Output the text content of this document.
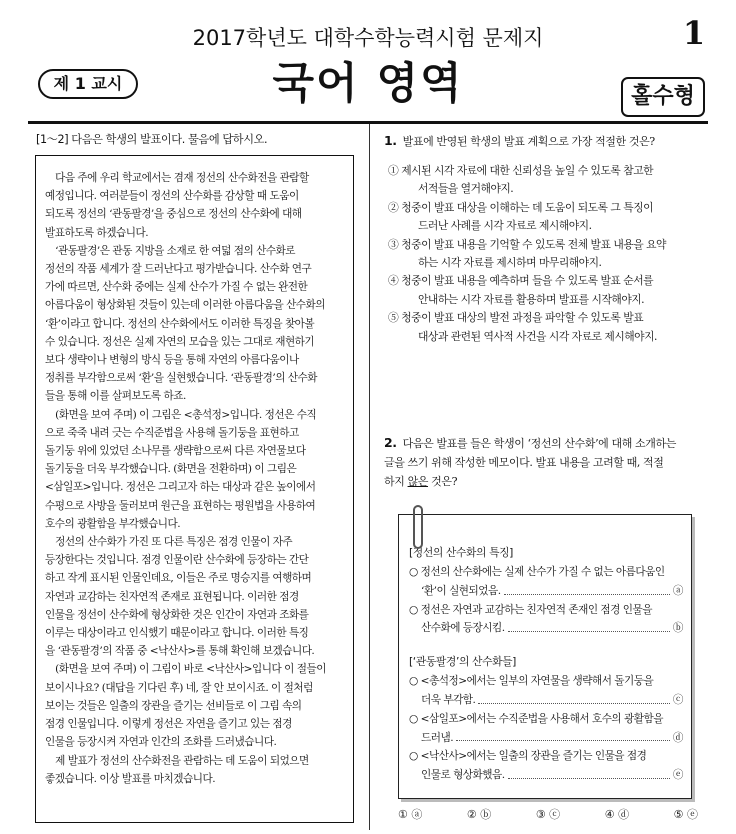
2017학년도 대학수학능력시험 문제지	1
제 1 교시	국어 영역	홀수형
[1～2] 다음은 학생의 발표이다. 물음에 답하시오.

　다음 주에 우리 학교에서는 겸재 정선의 산수화전을 관람할

예정입니다. 여러분들이 정선의 산수화를 감상할 때 도움이

되도록 정선의 ‘관동팔경’을 중심으로 정선의 산수화에 대해

발표하도록 하겠습니다.

　‘관동팔경’은 관동 지방을 소재로 한 여덟 점의 산수화로

정선의 작품 세계가 잘 드러난다고 평가받습니다. 산수화 연구

가에 따르면, 산수화 중에는 실제 산수가 가질 수 없는 완전한

아름다움이 형상화된 것들이 있는데 이러한 아름다움을 산수화의

‘환’이라고 합니다. 정선의 산수화에서도 이러한 특징을 찾아볼

수 있습니다. 정선은 실제 자연의 모습을 있는 그대로 재현하기

보다 생략이나 변형의 방식 등을 통해 자연의 아름다움이나

정취를 부각함으로써 ‘환’을 실현했습니다. ‘관동팔경’의 산수화

들을 통해 이를 살펴보도록 하죠.

　(화면을 보여 주며) 이 그림은 <총석정>입니다. 정선은 수직

으로 죽죽 내려 긋는 수직준법을 사용해 돌기둥을 표현하고

돌기둥 위에 있었던 소나무를 생략함으로써 다른 자연물보다

돌기둥을 더욱 부각했습니다. (화면을 전환하며) 이 그림은

<삼일포>입니다. 정선은 그리고자 하는 대상과 같은 높이에서

수평으로 사방을 둘러보며 원근을 표현하는 평원법을 사용하여

호수의 광활함을 부각했습니다.

　정선의 산수화가 가진 또 다른 특징은 점경 인물이 자주

등장한다는 것입니다. 점경 인물이란 산수화에 등장하는 간단

하고 작게 표시된 인물인데요, 이들은 주로 명승지를 여행하며

자연과 교감하는 친자연적 존재로 표현됩니다. 이러한 점경

인물을 정선이 산수화에 형상화한 것은 인간이 자연과 조화를

이루는 대상이라고 인식했기 때문이라고 합니다. 이러한 특징

을 ‘관동팔경’의 작품 중 <낙산사>를 통해 확인해 보겠습니다.

　(화면을 보여 주며) 이 그림이 바로 <낙산사>입니다 이 절들이

보이시나요? (대답을 기다린 후) 네, 잘 안 보이시죠. 이 절처럼

보이는 것들은 일출의 장관을 즐기는 선비들로 이 그림 속의

점경 인물입니다. 이렇게 정선은 자연을 즐기고 있는 점경

인물을 등장시켜 자연과 인간의 조화를 드러냈습니다.

　제 발표가 정선의 산수화전을 관람하는 데 도움이 되었으면

좋겠습니다. 이상 발표를 마치겠습니다.

1. 발표에 반영된 학생의 발표 계획으로 가장 적절한 것은?
① 제시된 시각 자료에 대한 신뢰성을 높일 수 있도록 참고한
서적들을 열거해야지.
② 청중이 발표 대상을 이해하는 데 도움이 되도록 그 특징이
드러난 사례를 시각 자료로 제시해야지.
③ 청중이 발표 내용을 기억할 수 있도록 전체 발표 내용을 요약
하는 시각 자료를 제시하며 마무리해야지.
④ 청중이 발표 내용을 예측하며 들을 수 있도록 발표 순서를
안내하는 시각 자료를 활용하며 발표를 시작해야지.
⑤ 청중이 발표 대상의 발전 과정을 파악할 수 있도록 발표
대상과 관련된 역사적 사건을 시각 자료로 제시해야지.
2. 다음은 발표를 들은 학생이 ‘정선의 산수화’에 대해 소개하는
글을 쓰기 위해 작성한 메모이다. 발표 내용을 고려할 때, 적절
하지 않은 것은?
[정선의 산수화의 특징]
○ 정선의 산수화에는 실제 산수가 가질 수 없는 아름다움인
‘환’이 실현되었음.	ⓐ
○ 정선은 자연과 교감하는 친자연적 존재인 점경 인물을
산수화에 등장시킴.	ⓑ
[‘관동팔경’의 산수화들]
○ <총석정>에서는 일부의 자연물을 생략해서 돌기둥을
더욱 부각함.	ⓒ
○ <삼일포>에서는 수직준법을 사용해서 호수의 광활함을
드러냄.	ⓓ
○ <낙산사>에서는 일출의 장관을 즐기는 인물을 점경
인물로 형상화했음.	ⓔ
① ⓐ	② ⓑ	③ ⓒ	④ ⓓ	⑤ ⓔ
